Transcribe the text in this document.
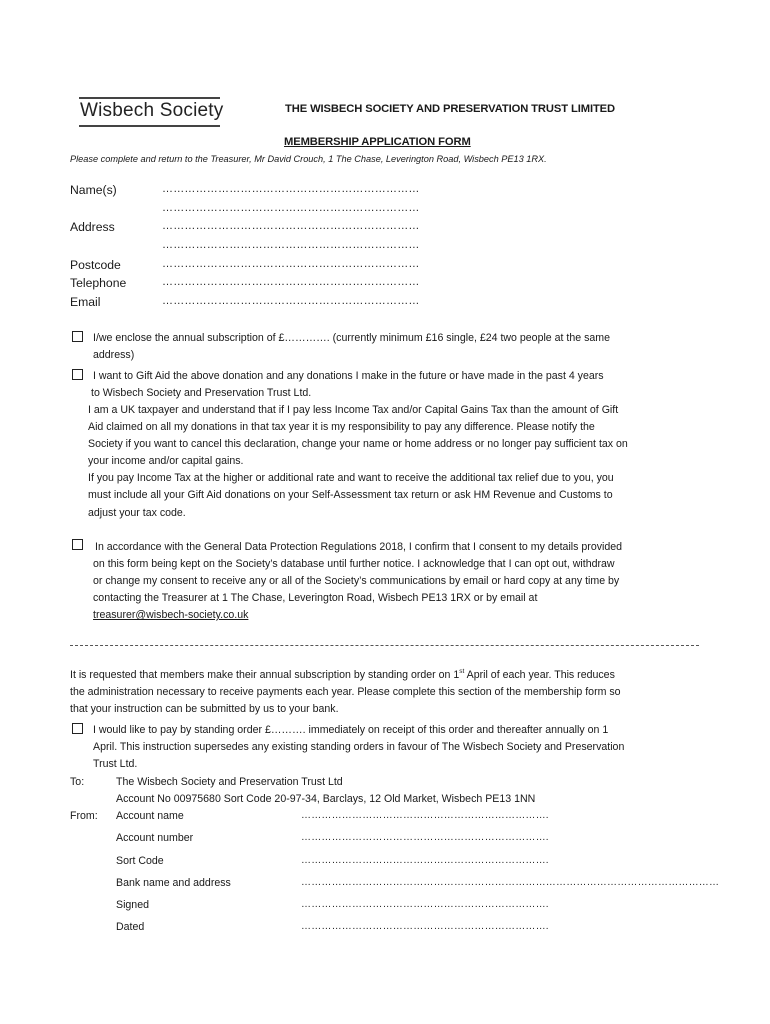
Wisbech Society	THE WISBECH SOCIETY AND PRESERVATION TRUST LIMITED
MEMBERSHIP APPLICATION FORM
Please complete and return to the Treasurer, Mr David Crouch, 1 The Chase, Leverington Road, Wisbech PE13 1RX.
Name(s)	……………………………………………………………
……………………………………………………………
Address	……………………………………………………………
……………………………………………………………
Postcode	……………………………………………………………
Telephone	……………………………………………………………
Email	……………………………………………………………
I/we enclose the annual subscription of £…………. (currently minimum £16 single, £24 two people at the same
address)
I want to Gift Aid the above donation and any donations I make in the future or have made in the past 4 years
to Wisbech Society and Preservation Trust Ltd.
I am a UK taxpayer and understand that if I pay less Income Tax and/or Capital Gains Tax than the amount of Gift
Aid claimed on all my donations in that tax year it is my responsibility to pay any difference. Please notify the
Society if you want to cancel this declaration, change your name or home address or no longer pay sufficient tax on
your income and/or capital gains.
If you pay Income Tax at the higher or additional rate and want to receive the additional tax relief due to you, you
must include all your Gift Aid donations on your Self-Assessment tax return or ask HM Revenue and Customs to
adjust your tax code.
In accordance with the General Data Protection Regulations 2018, I confirm that I consent to my details provided
on this form being kept on the Society’s database until further notice. I acknowledge that I can opt out, withdraw
or change my consent to receive any or all of the Society’s communications by email or hard copy at any time by
contacting the Treasurer at 1 The Chase, Leverington Road, Wisbech PE13 1RX or by email at
treasurer@wisbech-society.co.uk
It is requested that members make their annual subscription by standing order on 1st April of each year. This reduces
the administration necessary to receive payments each year. Please complete this section of the membership form so
that your instruction can be submitted by us to your bank.
I would like to pay by standing order £………. immediately on receipt of this order and thereafter annually on 1
April. This instruction supersedes any existing standing orders in favour of The Wisbech Society and Preservation
Trust Ltd.
To:	The Wisbech Society and Preservation Trust Ltd
Account No 00975680 Sort Code 20-97-34, Barclays, 12 Old Market, Wisbech PE13 1NN
From: Account name	……………………………………………………………….
Account number	……………………………………………………………….
Sort Code	……………………………………………………………….
Bank name and address	……………………………………………………………………………………………………………
Signed	……………………………………………………………….
Dated	……………………………………………………………….
